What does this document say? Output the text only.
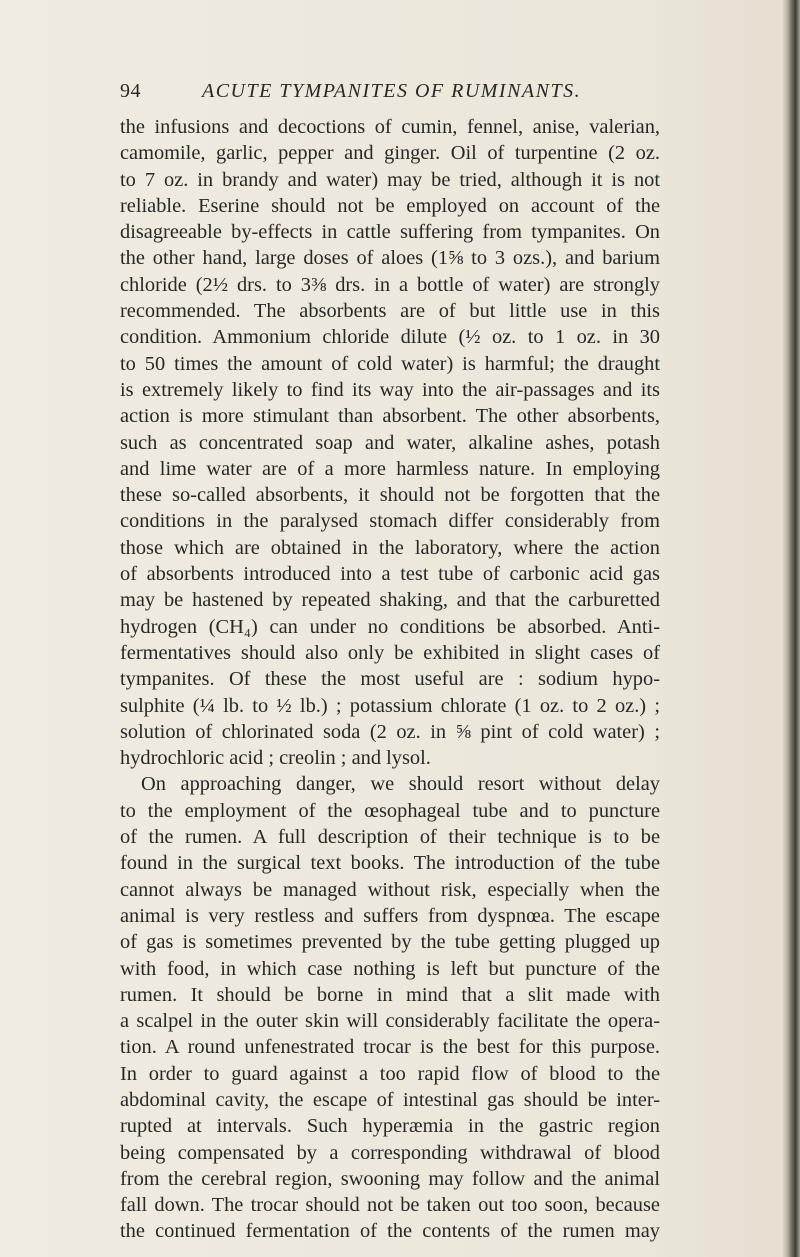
94	ACUTE TYMPANITES OF RUMINANTS.
the infusions and decoctions of cumin, fennel, anise, valerian,
camomile, garlic, pepper and ginger. Oil of turpentine (2 oz.
to 7 oz. in brandy and water) may be tried, although it is not
reliable. Eserine should not be employed on account of the
disagreeable by-effects in cattle suffering from tympanites. On
the other hand, large doses of aloes (1⅝ to 3 ozs.), and barium
chloride (2½ drs. to 3⅜ drs. in a bottle of water) are strongly
recommended. The absorbents are of but little use in this
condition. Ammonium chloride dilute (½ oz. to 1 oz. in 30
to 50 times the amount of cold water) is harmful; the draught
is extremely likely to find its way into the air-passages and its
action is more stimulant than absorbent. The other absorbents,
such as concentrated soap and water, alkaline ashes, potash
and lime water are of a more harmless nature. In employing
these so-called absorbents, it should not be forgotten that the
conditions in the paralysed stomach differ considerably from
those which are obtained in the laboratory, where the action
of absorbents introduced into a test tube of carbonic acid gas
may be hastened by repeated shaking, and that the carburetted
hydrogen (CH₄) can under no conditions be absorbed. Anti-
fermentatives should also only be exhibited in slight cases of
tympanites. Of these the most useful are : sodium hypo-
sulphite (¼ lb. to ½ lb.) ; potassium chlorate (1 oz. to 2 oz.) ;
solution of chlorinated soda (2 oz. in ⅝ pint of cold water) ;
hydrochloric acid ; creolin ; and lysol.
On approaching danger, we should resort without delay
to the employment of the œsophageal tube and to puncture
of the rumen. A full description of their technique is to be
found in the surgical text books. The introduction of the tube
cannot always be managed without risk, especially when the
animal is very restless and suffers from dyspnœa. The escape
of gas is sometimes prevented by the tube getting plugged up
with food, in which case nothing is left but puncture of the
rumen. It should be borne in mind that a slit made with
a scalpel in the outer skin will considerably facilitate the opera-
tion. A round unfenestrated trocar is the best for this purpose.
In order to guard against a too rapid flow of blood to the
abdominal cavity, the escape of intestinal gas should be inter-
rupted at intervals. Such hyperæmia in the gastric region
being compensated by a corresponding withdrawal of blood
from the cerebral region, swooning may follow and the animal
fall down. The trocar should not be taken out too soon, because
the continued fermentation of the contents of the rumen may
